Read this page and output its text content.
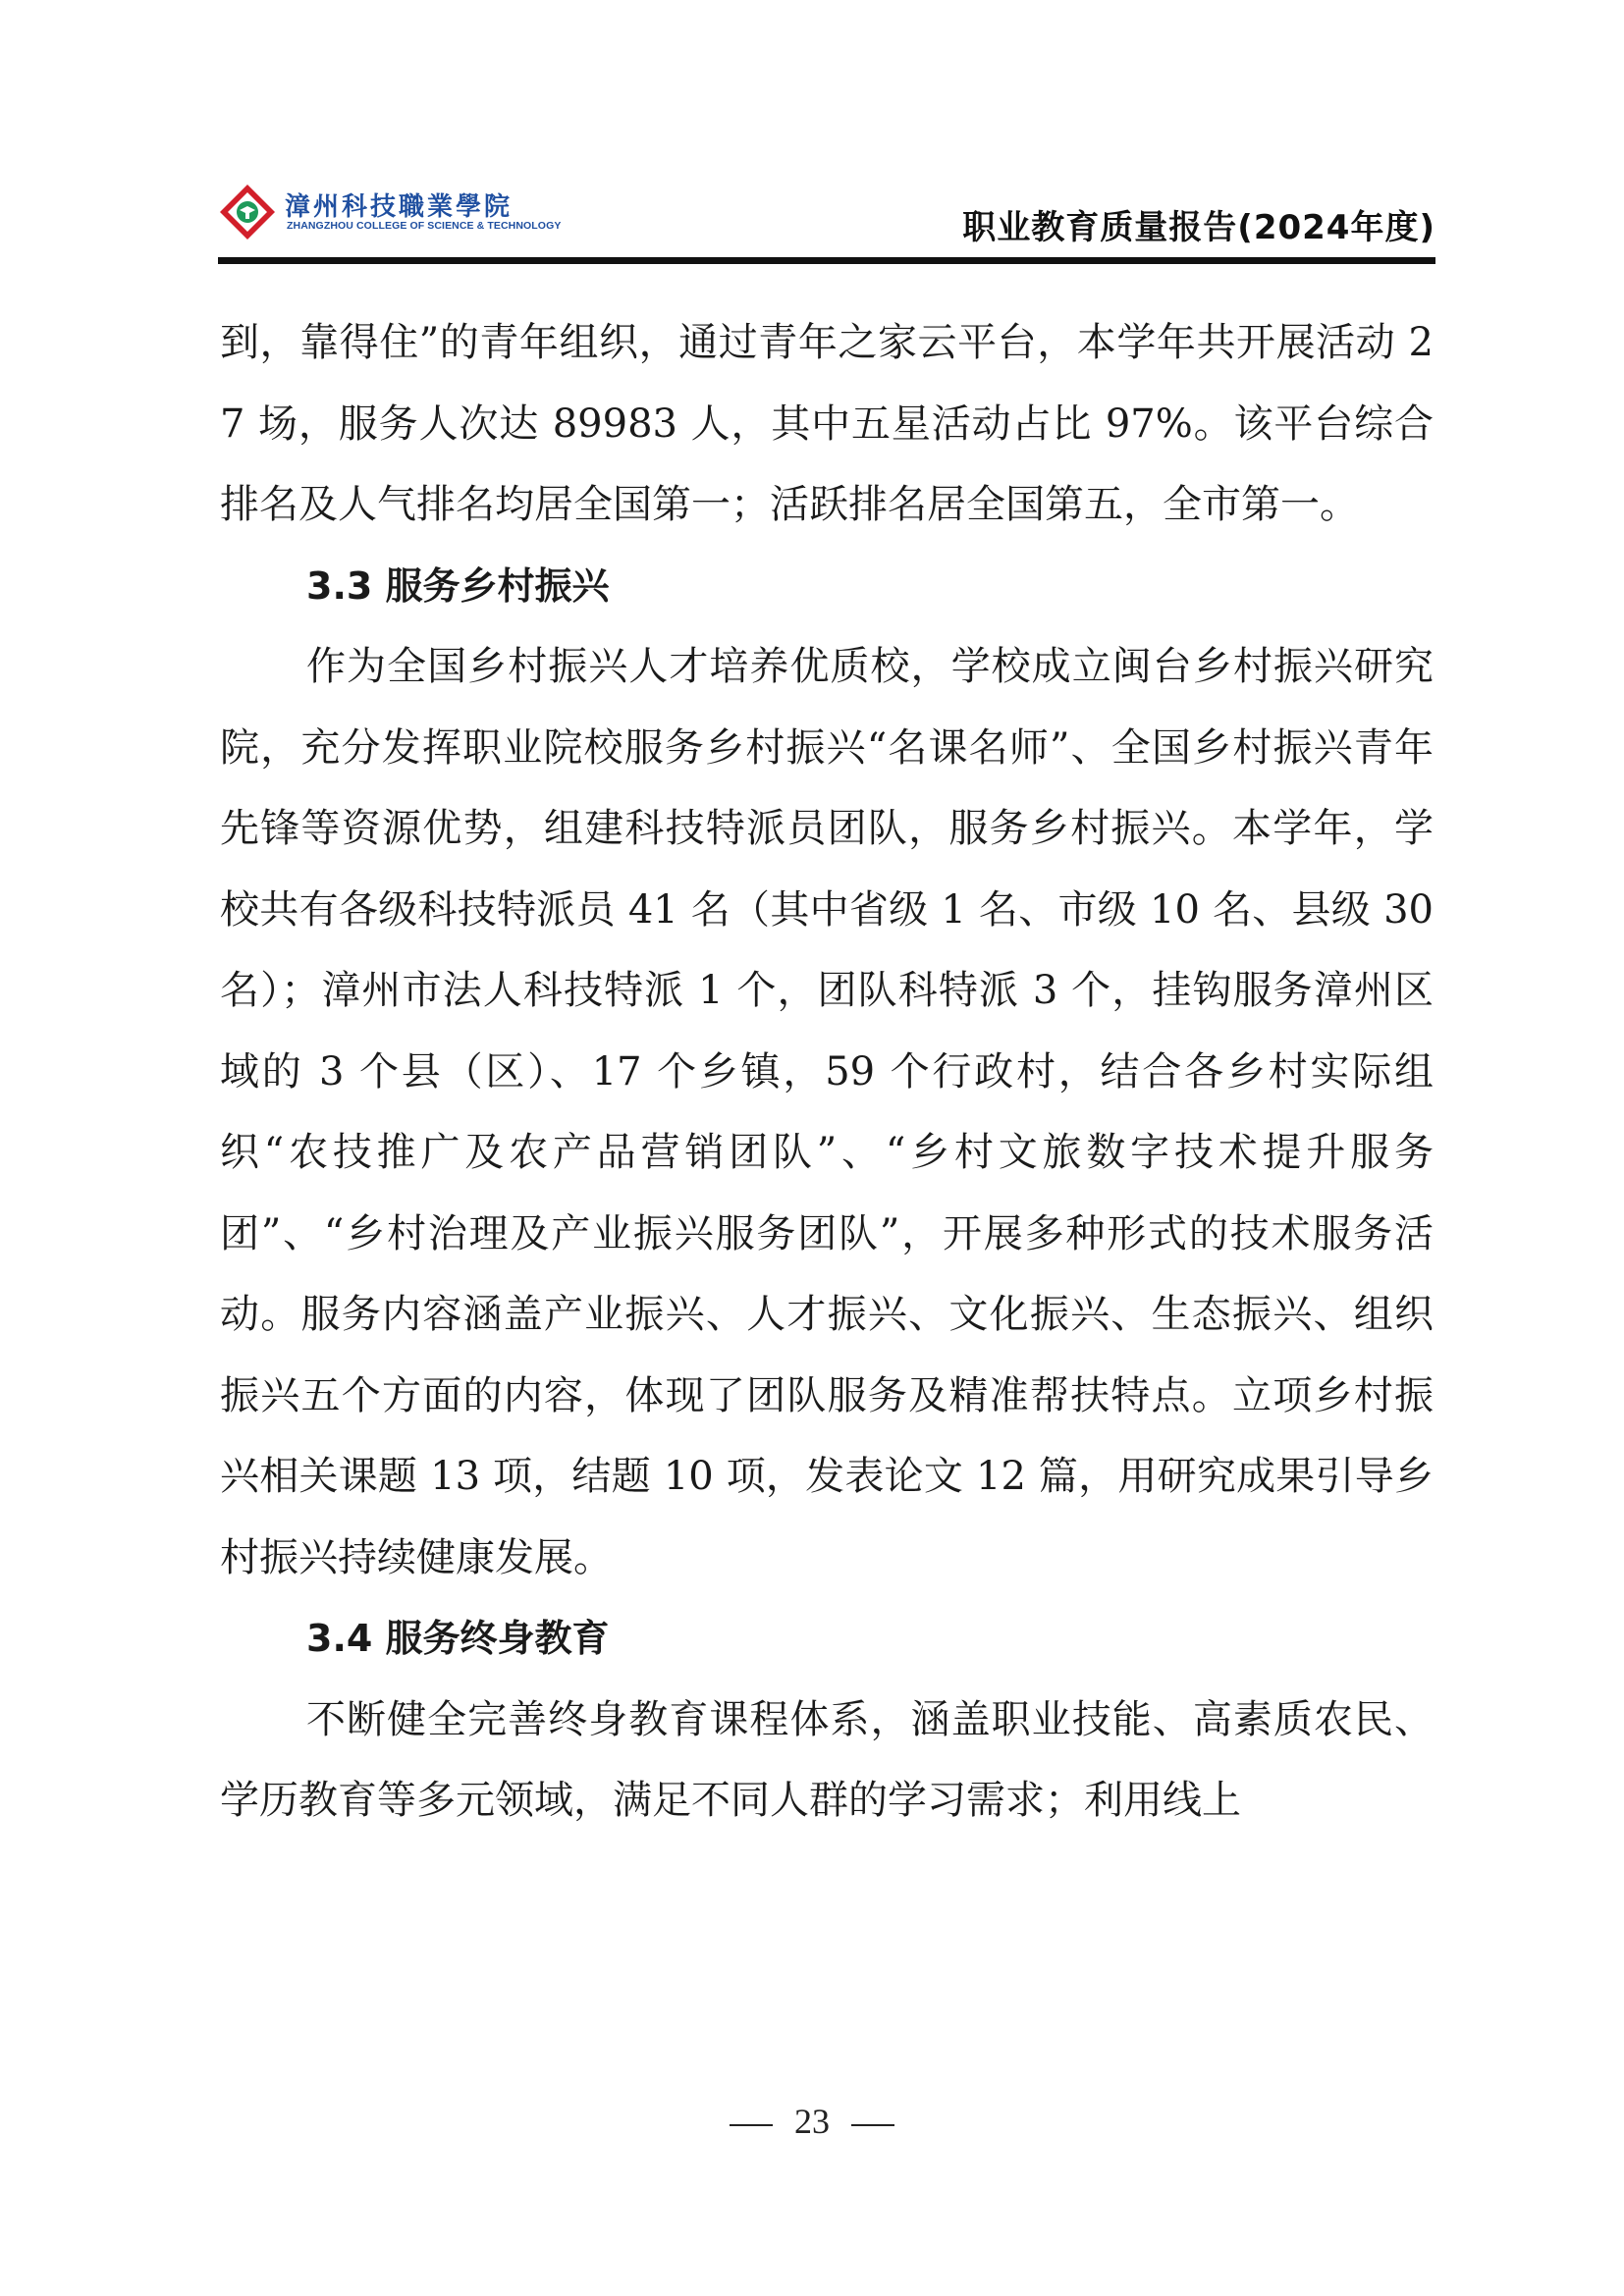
漳州科技職業學院
ZHANGZHOU COLLEGE OF SCIENCE & TECHNOLOGY	职业教育质量报告(2024年度)

到，靠得住”的青年组织，通过青年之家云平台，本学年共开展活动 27 场，服务人次达 89983 人，其中五星活动占比 97%。该平台综合排名及人气排名均居全国第一；活跃排名居全国第五，全市第一。

3.3 服务乡村振兴

作为全国乡村振兴人才培养优质校，学校成立闽台乡村振兴研究院，充分发挥职业院校服务乡村振兴“名课名师”、全国乡村振兴青年先锋等资源优势，组建科技特派员团队，服务乡村振兴。本学年，学校共有各级科技特派员 41 名（其中省级 1 名、市级 10 名、县级 30 名）；漳州市法人科技特派 1 个，团队科特派 3 个，挂钩服务漳州区域的 3 个县（区）、17 个乡镇，59 个行政村，结合各乡村实际组织“农技推广及农产品营销团队”、“乡村文旅数字技术提升服务团”、“乡村治理及产业振兴服务团队”，开展多种形式的技术服务活动。服务内容涵盖产业振兴、人才振兴、文化振兴、生态振兴、组织振兴五个方面的内容，体现了团队服务及精准帮扶特点。立项乡村振兴相关课题 13 项，结题 10 项，发表论文 12 篇，用研究成果引导乡村振兴持续健康发展。

3.4 服务终身教育

不断健全完善终身教育课程体系，涵盖职业技能、高素质农民、学历教育等多元领域，满足不同人群的学习需求；利用线上

23
